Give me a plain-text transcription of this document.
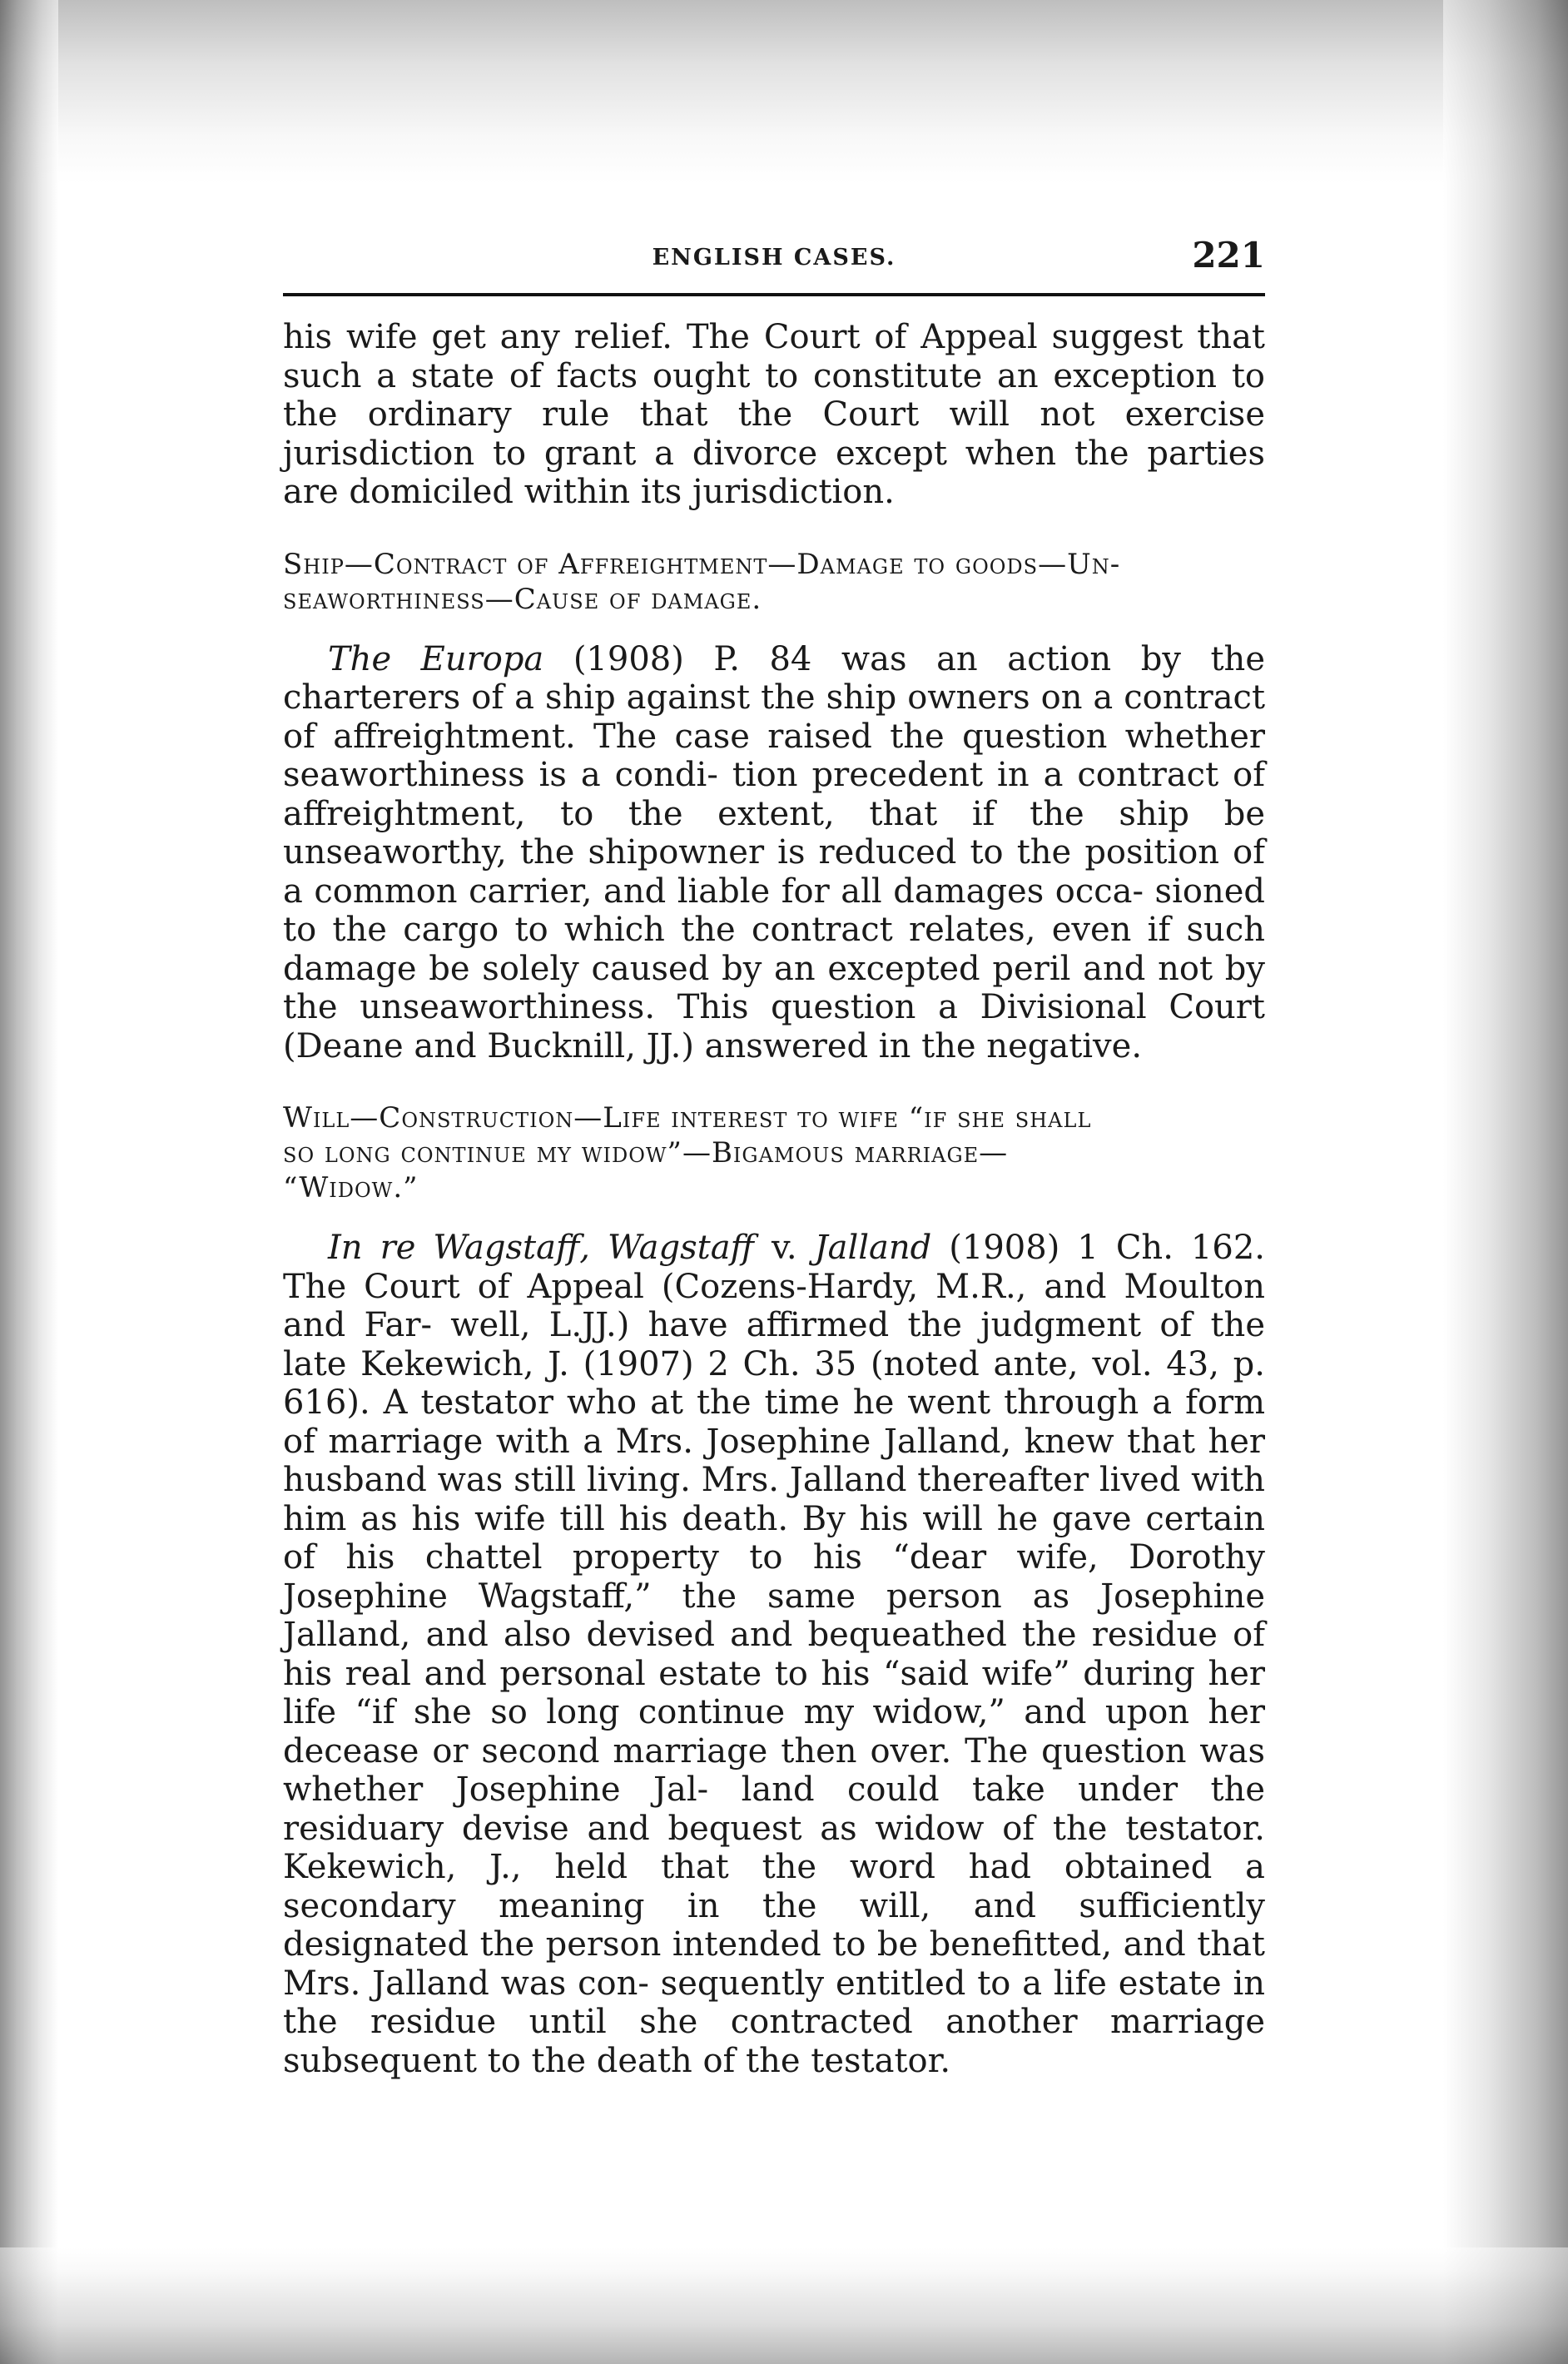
ENGLISH CASES.	221

his wife get any relief. The Court of Appeal suggest that such a state of facts ought to constitute an exception to the ordinary rule that the Court will not exercise jurisdiction to grant a divorce except when the parties are domiciled within its jurisdiction.

Ship—Contract of Affreightment—Damage to goods—Un-
seaworthiness—Cause of damage.

The Europa (1908) P. 84 was an action by the charterers of a ship against the ship owners on a contract of affreightment. The case raised the question whether seaworthiness is a condi- tion precedent in a contract of affreightment, to the extent, that if the ship be unseaworthy, the shipowner is reduced to the position of a common carrier, and liable for all damages occa- sioned to the cargo to which the contract relates, even if such damage be solely caused by an excepted peril and not by the unseaworthiness. This question a Divisional Court (Deane and Bucknill, JJ.) answered in the negative.

Will—Construction—Life interest to wife “if she shall
so long continue my widow”—Bigamous marriage—
“Widow.”

In re Wagstaff, Wagstaff v. Jalland (1908) 1 Ch. 162. The Court of Appeal (Cozens-Hardy, M.R., and Moulton and Far- well, L.JJ.) have affirmed the judgment of the late Kekewich, J. (1907) 2 Ch. 35 (noted ante, vol. 43, p. 616). A testator who at the time he went through a form of marriage with a Mrs. Josephine Jalland, knew that her husband was still living. Mrs. Jalland thereafter lived with him as his wife till his death. By his will he gave certain of his chattel property to his “dear wife, Dorothy Josephine Wagstaff,” the same person as Josephine Jalland, and also devised and bequeathed the residue of his real and personal estate to his “said wife” during her life “if she so long continue my widow,” and upon her decease or second marriage then over. The question was whether Josephine Jal- land could take under the residuary devise and bequest as widow of the testator. Kekewich, J., held that the word had obtained a secondary meaning in the will, and sufficiently designated the person intended to be benefitted, and that Mrs. Jalland was con- sequently entitled to a life estate in the residue until she contracted another marriage subsequent to the death of the testator.
